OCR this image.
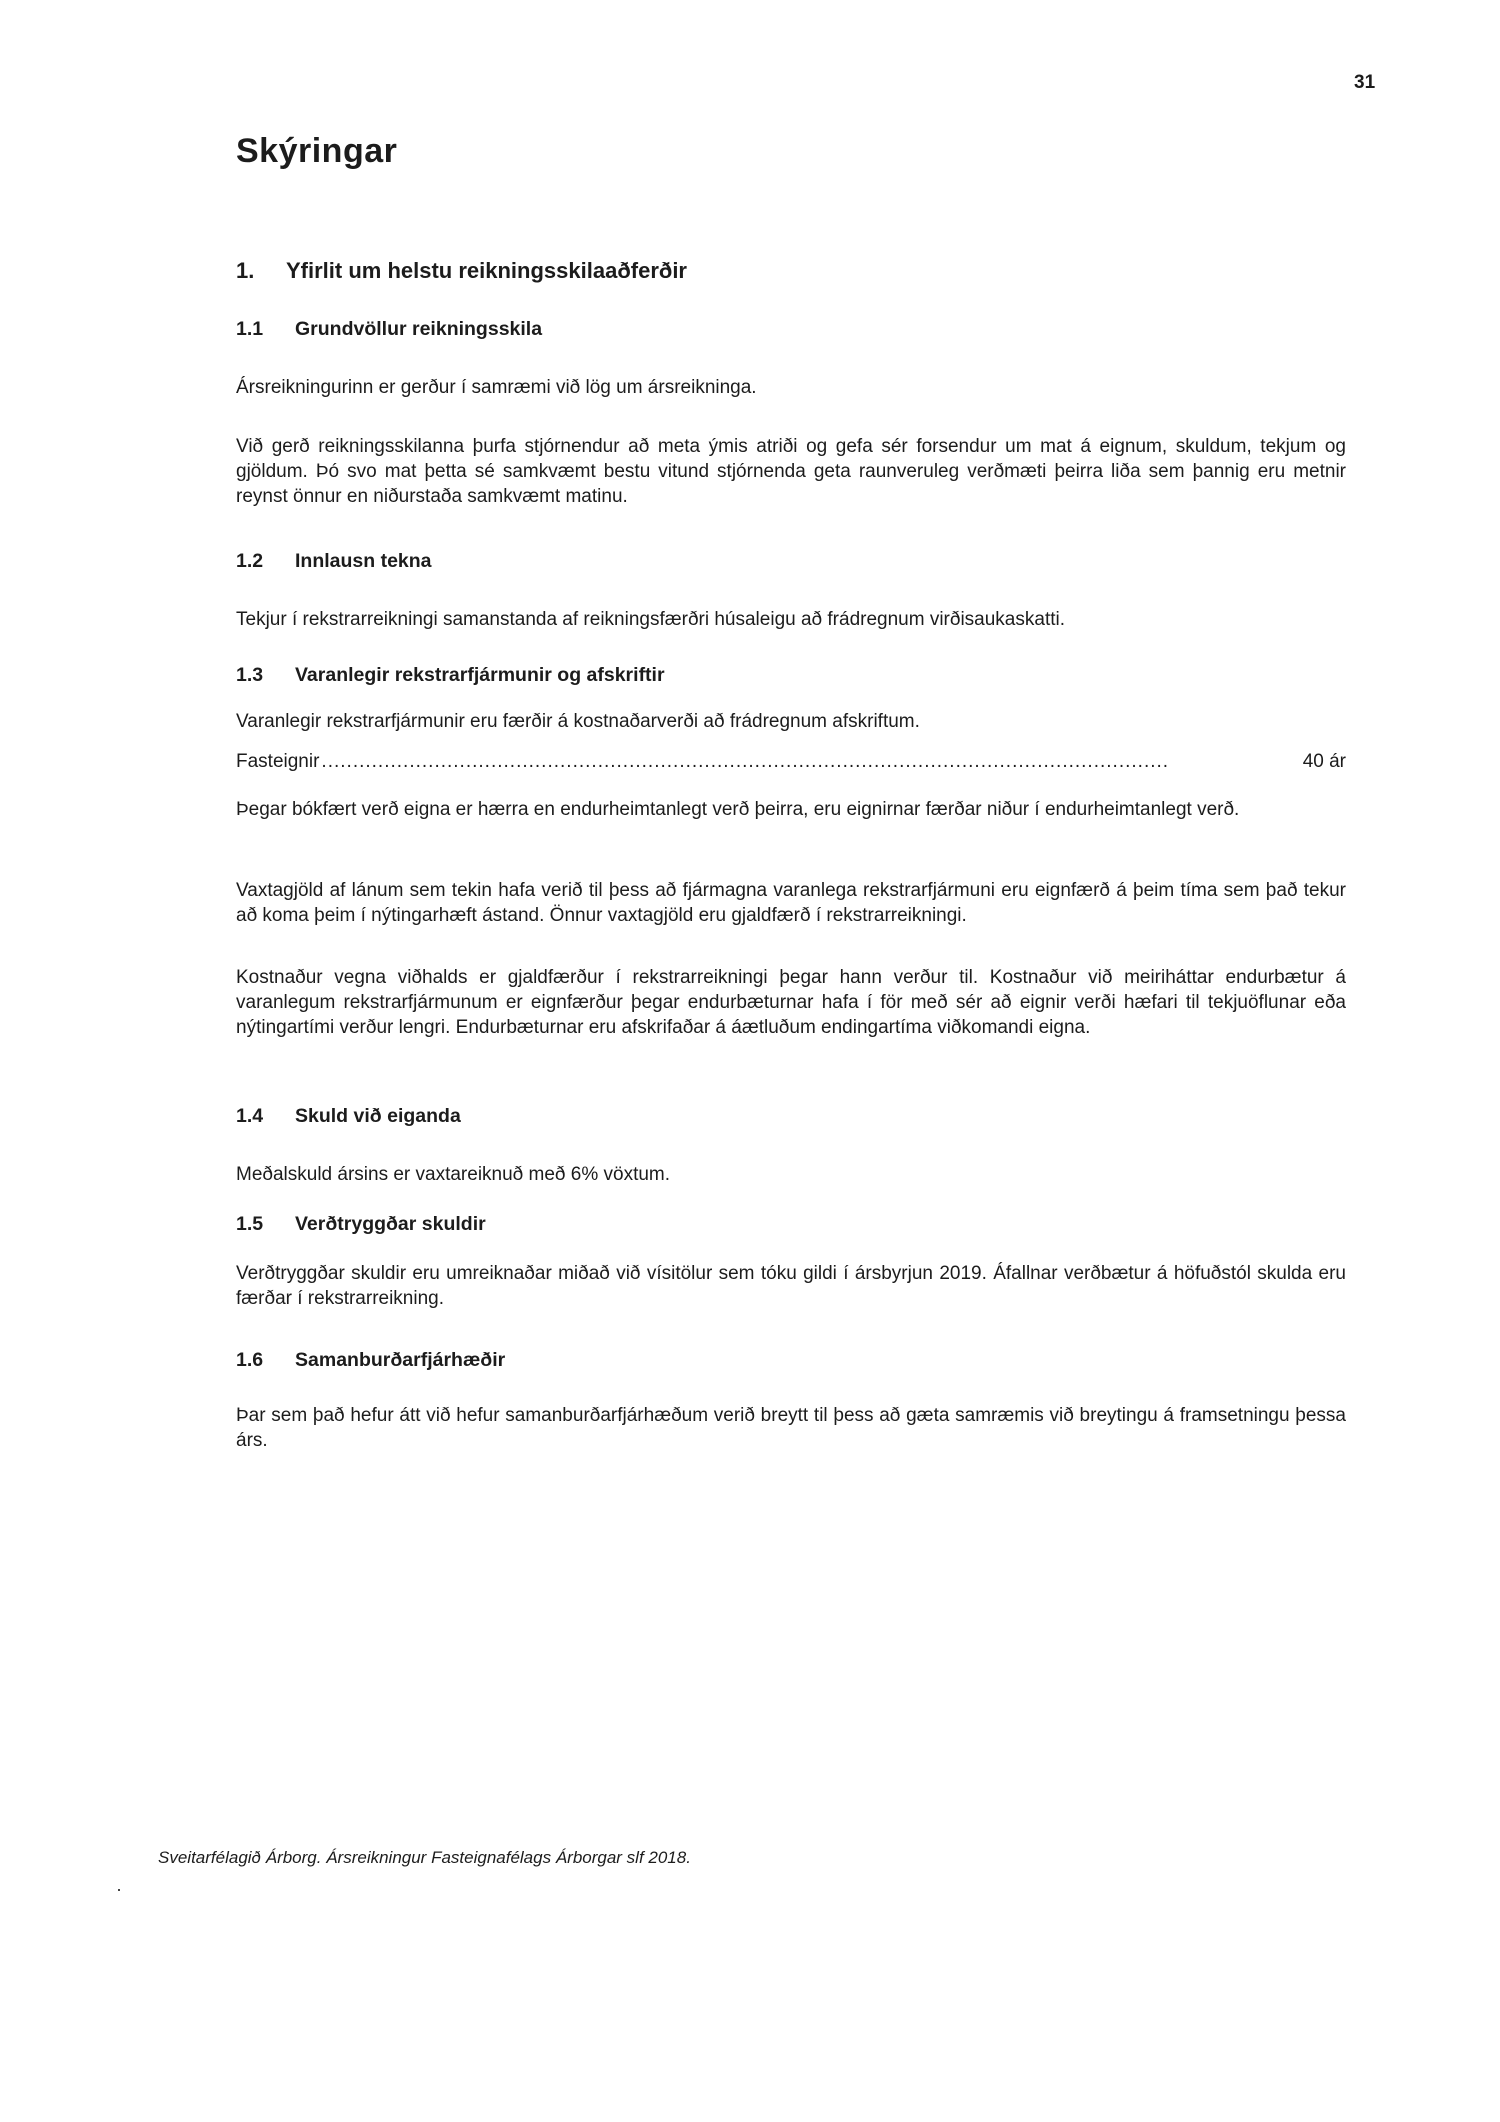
31
Skýringar
1. Yfirlit um helstu reikningsskilaaðferðir
1.1 Grundvöllur reikningsskila

Ársreikningurinn er gerður í samræmi við lög um ársreikninga.

Við gerð reikningsskilanna þurfa stjórnendur að meta ýmis atriði og gefa sér forsendur um mat á eignum, skuldum, tekjum og gjöldum. Þó svo mat þetta sé samkvæmt bestu vitund stjórnenda geta raunveruleg verðmæti þeirra liða sem þannig eru metnir reynst önnur en niðurstaða samkvæmt matinu.

1.2 Innlausn tekna

Tekjur í rekstrarreikningi samanstanda af reikningsfærðri húsaleigu að frádregnum virðisaukaskatti.

1.3 Varanlegir rekstrarfjármunir og afskriftir

Varanlegir rekstrarfjármunir eru færðir á kostnaðarverði að frádregnum afskriftum.

Fasteignir .......................................................................................................................................	40 ár

Þegar bókfært verð eigna er hærra en endurheimtanlegt verð þeirra, eru eignirnar færðar niður í endurheimtanlegt verð.

Vaxtagjöld af lánum sem tekin hafa verið til þess að fjármagna varanlega rekstrarfjármuni eru eignfærð á þeim tíma sem það tekur að koma þeim í nýtingarhæft ástand. Önnur vaxtagjöld eru gjaldfærð í rekstrarreikningi.

Kostnaður vegna viðhalds er gjaldfærður í rekstrarreikningi þegar hann verður til. Kostnaður við meiriháttar endurbætur á varanlegum rekstrarfjármunum er eignfærður þegar endurbæturnar hafa í för með sér að eignir verði hæfari til tekjuöflunar eða nýtingartími verður lengri. Endurbæturnar eru afskrifaðar á áætluðum endingartíma viðkomandi eigna.

1.4 Skuld við eiganda

Meðalskuld ársins er vaxtareiknuð með 6% vöxtum.

1.5 Verðtryggðar skuldir

Verðtryggðar skuldir eru umreiknaðar miðað við vísitölur sem tóku gildi í ársbyrjun 2019. Áfallnar verðbætur á höfuðstól skulda eru færðar í rekstrarreikning.

1.6 Samanburðarfjárhæðir

Þar sem það hefur átt við hefur samanburðarfjárhæðum verið breytt til þess að gæta samræmis við breytingu á framsetningu þessa árs.

Sveitarfélagið Árborg. Ársreikningur Fasteignafélags Árborgar slf 2018.
